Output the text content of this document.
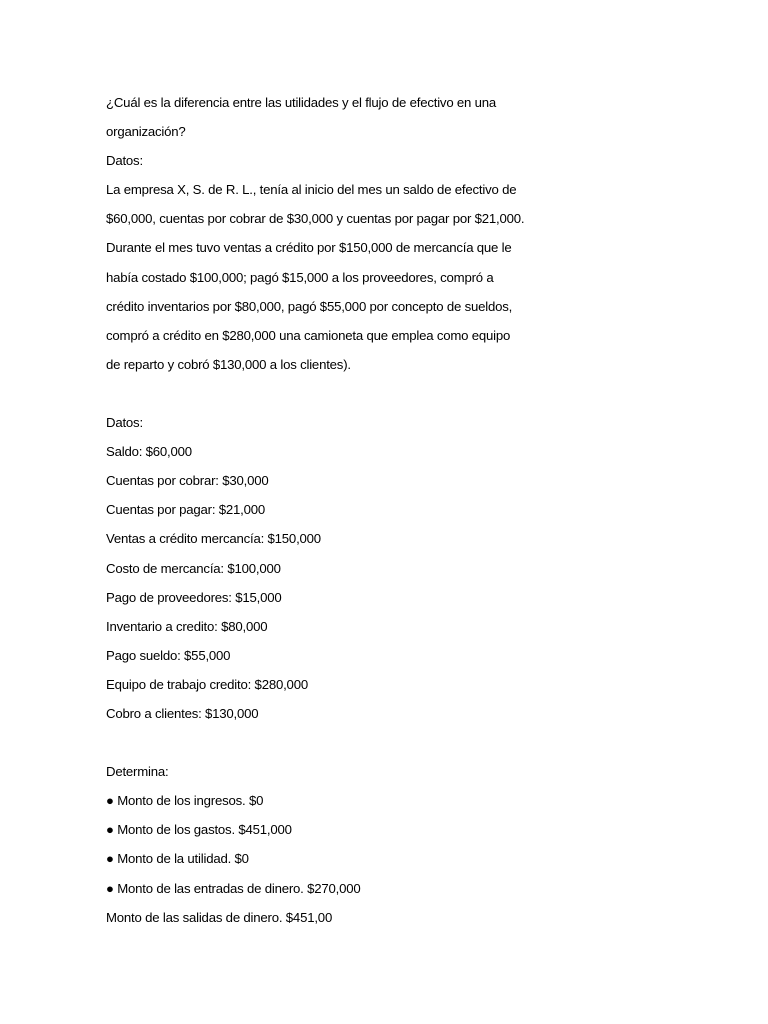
¿Cuál es la diferencia entre las utilidades y el flujo de efectivo en una
organización?
Datos:
La empresa X, S. de R. L., tenía al inicio del mes un saldo de efectivo de
$60,000, cuentas por cobrar de $30,000 y cuentas por pagar por $21,000.
Durante el mes tuvo ventas a crédito por $150,000 de mercancía que le
había costado $100,000; pagó $15,000 a los proveedores, compró a
crédito inventarios por $80,000, pagó $55,000 por concepto de sueldos,
compró a crédito en $280,000 una camioneta que emplea como equipo
de reparto y cobró $130,000 a los clientes).
Datos:
Saldo: $60,000
Cuentas por cobrar: $30,000
Cuentas por pagar: $21,000
Ventas a crédito mercancía: $150,000
Costo de mercancía: $100,000
Pago de proveedores: $15,000
Inventario a credito: $80,000
Pago sueldo: $55,000
Equipo de trabajo credito: $280,000
Cobro a clientes: $130,000
Determina:
● Monto de los ingresos. $0
● Monto de los gastos. $451,000
● Monto de la utilidad. $0
● Monto de las entradas de dinero. $270,000
Monto de las salidas de dinero. $451,00
